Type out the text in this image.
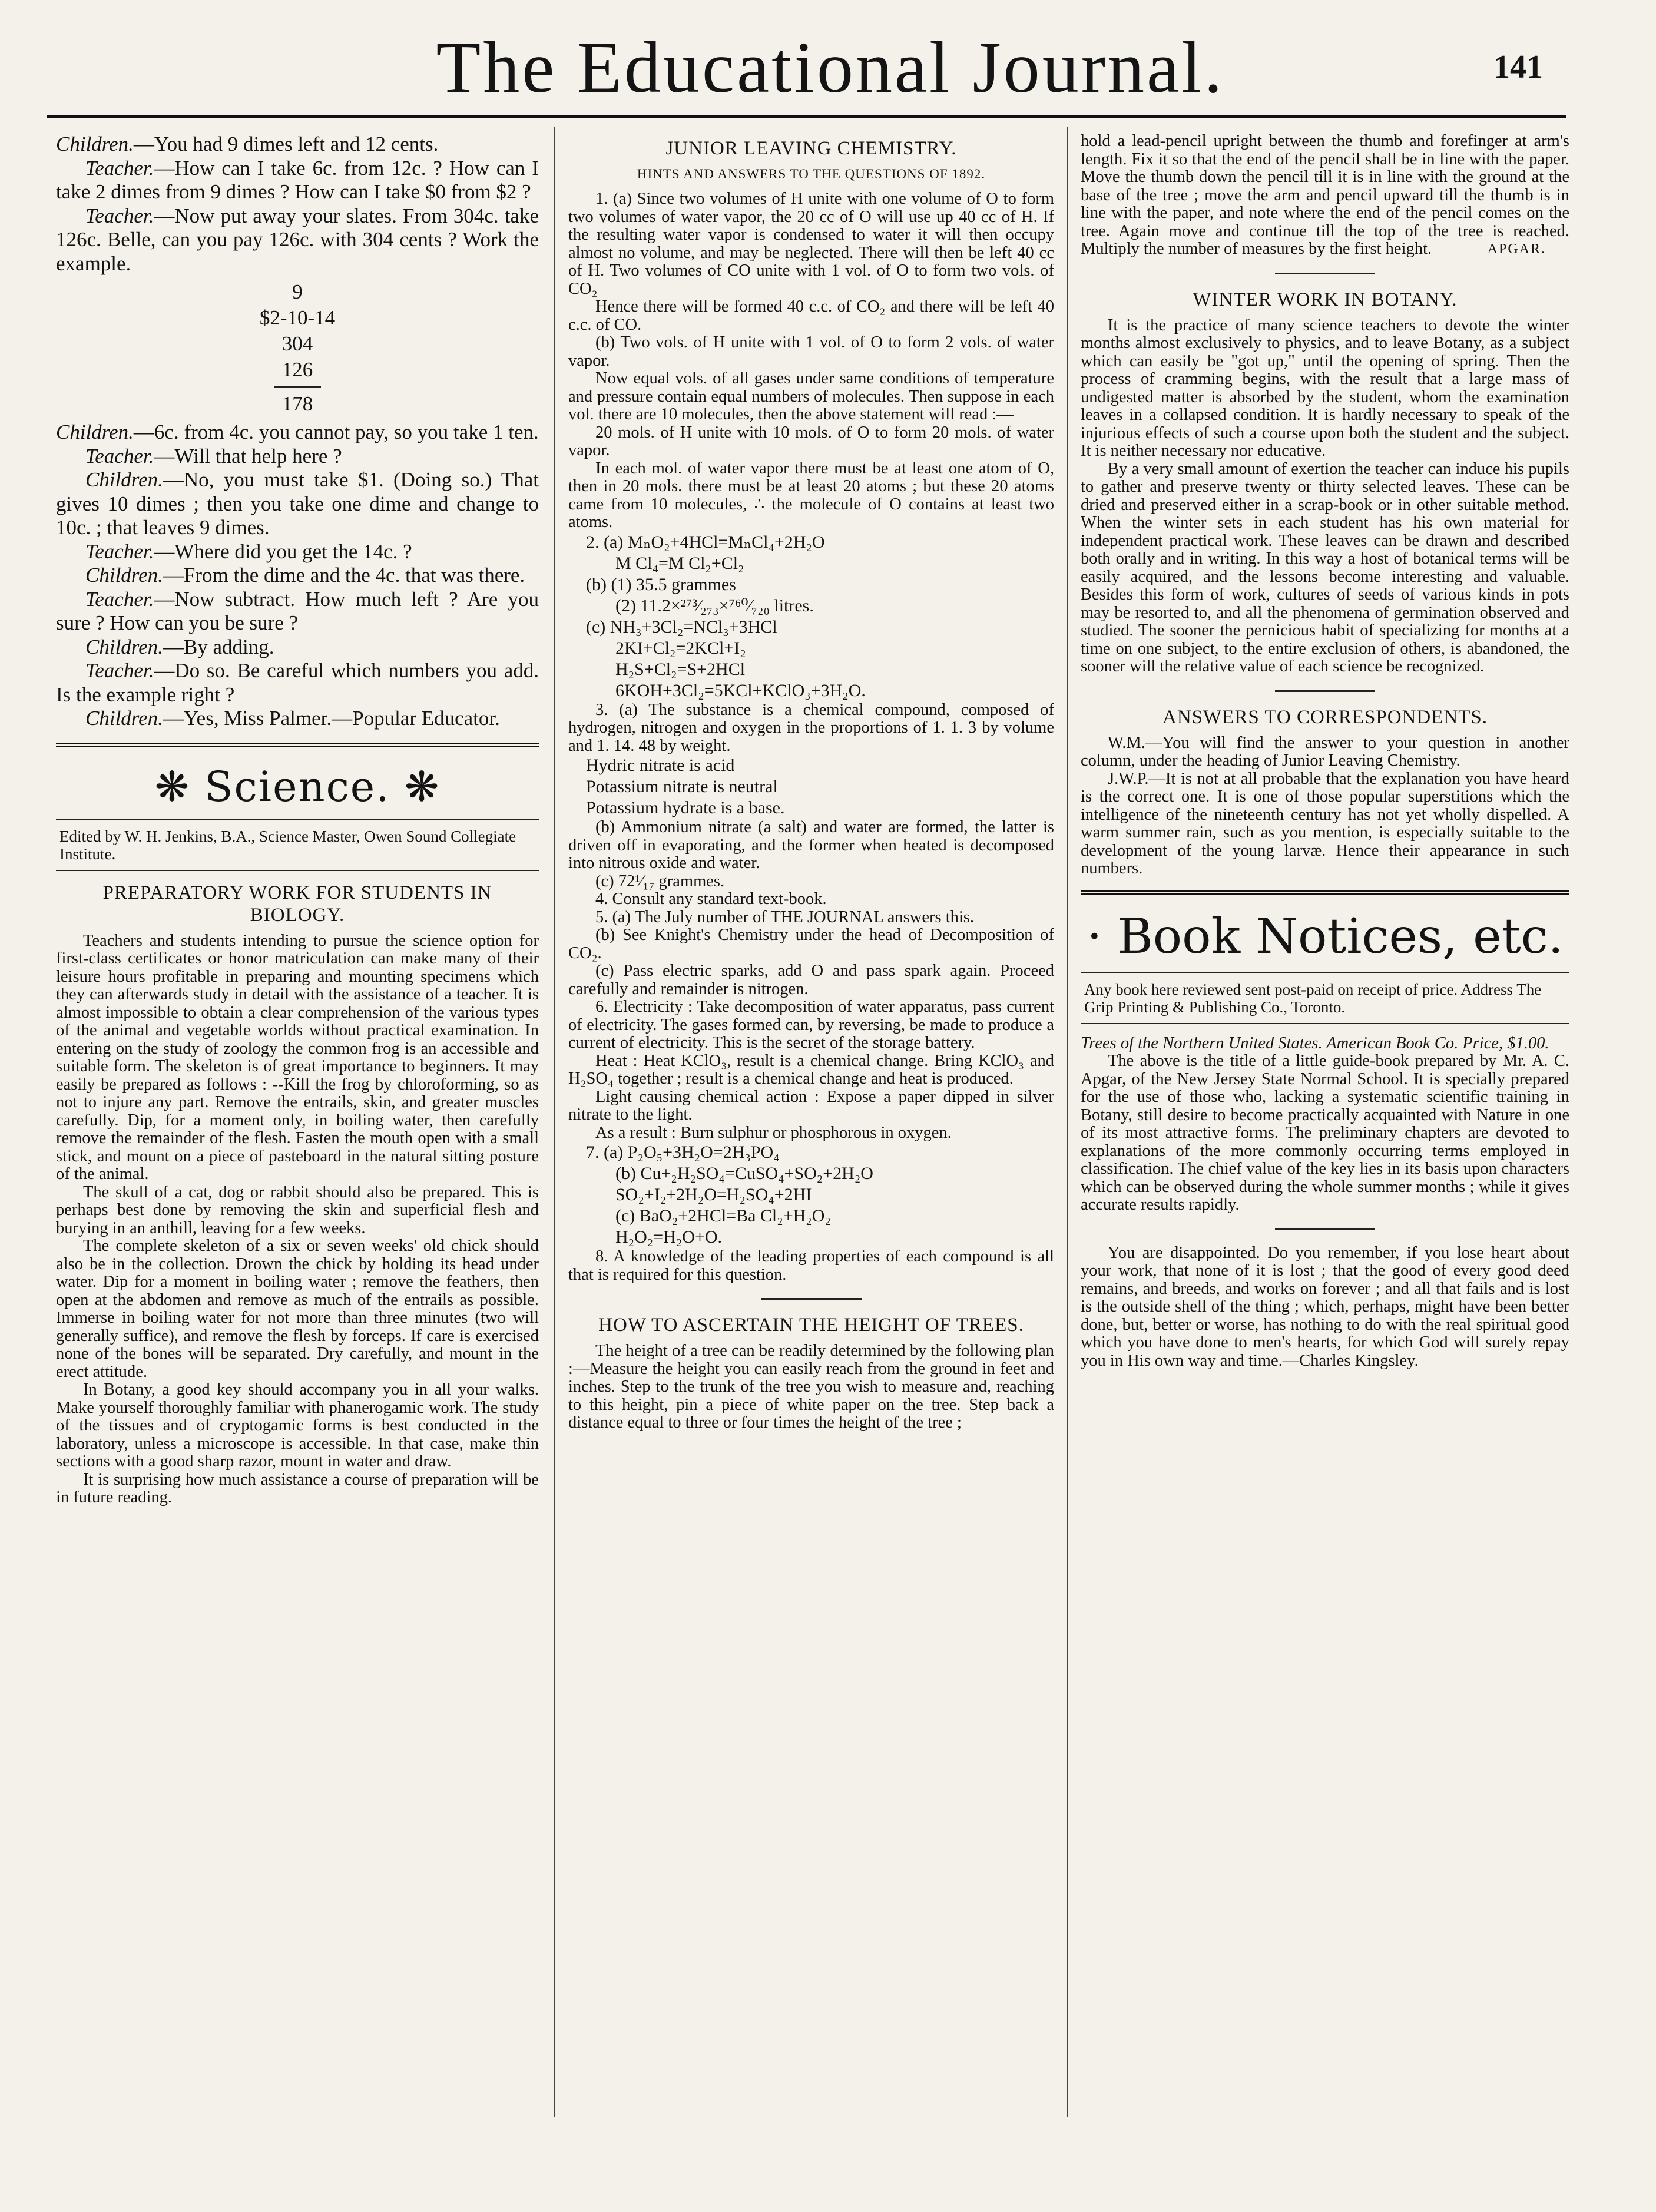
The Educational Journal.	141

Children.—You had 9 dimes left and 12 cents.

Teacher.—How can I take 6c. from 12c. ? How can I take 2 dimes from 9 dimes ? How can I take $0 from $2 ?

Teacher.—Now put away your slates. From 304c. take 126c. Belle, can you pay 126c. with 304 cents ? Work the example.

9
$2-10-14
304
126
178

Children.—6c. from 4c. you cannot pay, so you take 1 ten.

Teacher.—Will that help here ?

Children.—No, you must take $1. (Doing so.) That gives 10 dimes ; then you take one dime and change to 10c. ; that leaves 9 dimes.

Teacher.—Where did you get the 14c. ?

Children.—From the dime and the 4c. that was there.

Teacher.—Now subtract. How much left ? Are you sure ? How can you be sure ?

Children.—By adding.

Teacher.—Do so. Be careful which numbers you add. Is the example right ?

Children.—Yes, Miss Palmer.—Popular Educator.

❋ Science. ❋
Edited by W. H. Jenkins, B.A., Science Master, Owen Sound Collegiate Institute.
PREPARATORY WORK FOR STUDENTS IN BIOLOGY.

Teachers and students intending to pursue the science option for first-class certificates or honor matriculation can make many of their leisure hours profitable in preparing and mounting specimens which they can afterwards study in detail with the assistance of a teacher. It is almost impossible to obtain a clear comprehension of the various types of the animal and vegetable worlds without practical examination. In entering on the study of zoology the common frog is an accessible and suitable form. The skeleton is of great importance to beginners. It may easily be prepared as follows : --Kill the frog by chloroforming, so as not to injure any part. Remove the entrails, skin, and greater muscles carefully. Dip, for a moment only, in boiling water, then carefully remove the remainder of the flesh. Fasten the mouth open with a small stick, and mount on a piece of pasteboard in the natural sitting posture of the animal.

The skull of a cat, dog or rabbit should also be prepared. This is perhaps best done by removing the skin and superficial flesh and burying in an anthill, leaving for a few weeks.

The complete skeleton of a six or seven weeks' old chick should also be in the collection. Drown the chick by holding its head under water. Dip for a moment in boiling water ; remove the feathers, then open at the abdomen and remove as much of the entrails as possible. Immerse in boiling water for not more than three minutes (two will generally suffice), and remove the flesh by forceps. If care is exercised none of the bones will be separated. Dry carefully, and mount in the erect attitude.

In Botany, a good key should accompany you in all your walks. Make yourself thoroughly familiar with phanerogamic work. The study of the tissues and of cryptogamic forms is best conducted in the laboratory, unless a microscope is accessible. In that case, make thin sections with a good sharp razor, mount in water and draw.

It is surprising how much assistance a course of preparation will be in future reading.

JUNIOR LEAVING CHEMISTRY.
HINTS AND ANSWERS TO THE QUESTIONS OF 1892.

1. (a) Since two volumes of H unite with one volume of O to form two volumes of water vapor, the 20 cc of O will use up 40 cc of H. If the resulting water vapor is condensed to water it will then occupy almost no volume, and may be neglected. There will then be left 40 cc of H. Two volumes of CO unite with 1 vol. of O to form two vols. of CO₂

Hence there will be formed 40 c.c. of CO₂ and there will be left 40 c.c. of CO.

(b) Two vols. of H unite with 1 vol. of O to form 2 vols. of water vapor.

Now equal vols. of all gases under same conditions of temperature and pressure contain equal numbers of molecules. Then suppose in each vol. there are 10 molecules, then the above statement will read :—

20 mols. of H unite with 10 mols. of O to form 20 mols. of water vapor.

In each mol. of water vapor there must be at least one atom of O, then in 20 mols. there must be at least 20 atoms ; but these 20 atoms came from 10 molecules, ∴ the molecule of O contains at least two atoms.

2. (a) MₙO₂+4HCl=MₙCl₄+2H₂O

M Cl₄=M Cl₂+Cl₂

(b) (1) 35.5 grammes

(2) 11.2×²⁷³⁄₂₇₃×⁷⁶⁰⁄₇₂₀ litres.

(c) NH₃+3Cl₂=NCl₃+3HCl

2KI+Cl₂=2KCl+I₂

H₂S+Cl₂=S+2HCl

6KOH+3Cl₂=5KCl+KClO₃+3H₂O.

3. (a) The substance is a chemical compound, composed of hydrogen, nitrogen and oxygen in the proportions of 1. 1. 3 by volume and 1. 14. 48 by weight.

Hydric nitrate is acid

Potassium nitrate is neutral

Potassium hydrate is a base.

(b) Ammonium nitrate (a salt) and water are formed, the latter is driven off in evaporating, and the former when heated is decomposed into nitrous oxide and water.

(c) 72¹⁄₁₇ grammes.

4. Consult any standard text-book.

5. (a) The July number of THE JOURNAL answers this.

(b) See Knight's Chemistry under the head of Decomposition of CO₂.

(c) Pass electric sparks, add O and pass spark again. Proceed carefully and remainder is nitrogen.

6. Electricity : Take decomposition of water apparatus, pass current of electricity. The gases formed can, by reversing, be made to produce a current of electricity. This is the secret of the storage battery.

Heat : Heat KClO₃, result is a chemical change. Bring KClO₃ and H₂SO₄ together ; result is a chemical change and heat is produced.

Light causing chemical action : Expose a paper dipped in silver nitrate to the light.

As a result : Burn sulphur or phosphorous in oxygen.

7. (a) P₂O₅+3H₂O=2H₃PO₄

(b) Cu+₂H₂SO₄=CuSO₄+SO₂+2H₂O

SO₂+I₂+2H₂O=H₂SO₄+2HI

(c) BaO₂+2HCl=Ba Cl₂+H₂O₂

H₂O₂=H₂O+O.

8. A knowledge of the leading properties of each compound is all that is required for this question.

HOW TO ASCERTAIN THE HEIGHT OF TREES.

The height of a tree can be readily determined by the following plan :—Measure the height you can easily reach from the ground in feet and inches. Step to the trunk of the tree you wish to measure and, reaching to this height, pin a piece of white paper on the tree. Step back a distance equal to three or four times the height of the tree ;

hold a lead-pencil upright between the thumb and forefinger at arm's length. Fix it so that the end of the pencil shall be in line with the paper. Move the thumb down the pencil till it is in line with the ground at the base of the tree ; move the arm and pencil upward till the thumb is in line with the paper, and note where the end of the pencil comes on the tree. Again move and continue till the top of the tree is reached. Multiply the number of measures by the first height.	APGAR.

WINTER WORK IN BOTANY.

It is the practice of many science teachers to devote the winter months almost exclusively to physics, and to leave Botany, as a subject which can easily be "got up," until the opening of spring. Then the process of cramming begins, with the result that a large mass of undigested matter is absorbed by the student, whom the examination leaves in a collapsed condition. It is hardly necessary to speak of the injurious effects of such a course upon both the student and the subject. It is neither necessary nor educative.

By a very small amount of exertion the teacher can induce his pupils to gather and preserve twenty or thirty selected leaves. These can be dried and preserved either in a scrap-book or in other suitable method. When the winter sets in each student has his own material for independent practical work. These leaves can be drawn and described both orally and in writing. In this way a host of botanical terms will be easily acquired, and the lessons become interesting and valuable. Besides this form of work, cultures of seeds of various kinds in pots may be resorted to, and all the phenomena of germination observed and studied. The sooner the pernicious habit of specializing for months at a time on one subject, to the entire exclusion of others, is abandoned, the sooner will the relative value of each science be recognized.

ANSWERS TO CORRESPONDENTS.

W.M.—You will find the answer to your question in another column, under the heading of Junior Leaving Chemistry.

J.W.P.—It is not at all probable that the explanation you have heard is the correct one. It is one of those popular superstitions which the intelligence of the nineteenth century has not yet wholly dispelled. A warm summer rain, such as you mention, is especially suitable to the development of the young larvæ. Hence their appearance in such numbers.

· Book Notices, etc.
Any book here reviewed sent post-paid on receipt of price. Address The Grip Printing & Publishing Co., Toronto.

Trees of the Northern United States. American Book Co. Price, $1.00.

The above is the title of a little guide-book prepared by Mr. A. C. Apgar, of the New Jersey State Normal School. It is specially prepared for the use of those who, lacking a systematic scientific training in Botany, still desire to become practically acquainted with Nature in one of its most attractive forms. The preliminary chapters are devoted to explanations of the more commonly occurring terms employed in classification. The chief value of the key lies in its basis upon characters which can be observed during the whole summer months ; while it gives accurate results rapidly.

You are disappointed. Do you remember, if you lose heart about your work, that none of it is lost ; that the good of every good deed remains, and breeds, and works on forever ; and all that fails and is lost is the outside shell of the thing ; which, perhaps, might have been better done, but, better or worse, has nothing to do with the real spiritual good which you have done to men's hearts, for which God will surely repay you in His own way and time.—Charles Kingsley.
